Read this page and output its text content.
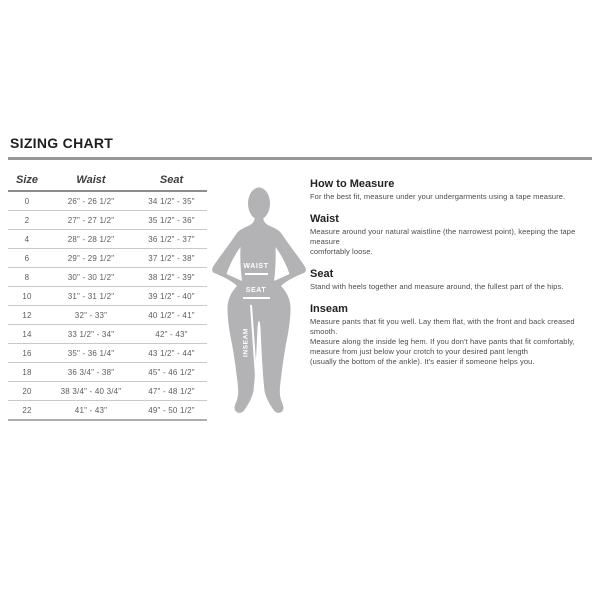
SIZING CHART
Size	Waist	Seat
0	26" - 26 1/2"	34 1/2" - 35"
2	27" - 27 1/2"	35 1/2" - 36"
4	28" - 28 1/2"	36 1/2" - 37"
6	29" - 29 1/2"	37 1/2" - 38"
8	30" - 30 1/2"	38 1/2" - 39"
10	31" - 31 1/2"	39 1/2" - 40"
12	32" - 33"	40 1/2" - 41"
14	33 1/2" - 34"	42" - 43"
16	35" - 36 1/4"	43 1/2" - 44"
18	36 3/4" - 38"	45" - 46 1/2"
20	38 3/4" - 40 3/4"	47" - 48 1/2"
22	41" - 43"	49" - 50 1/2"
WAIST
SEAT
INSEAM
How to Measure
For the best fit, measure under your undergarments using a tape measure.
Waist
Measure around your natural waistline (the narrowest point), keeping the tape measure
comfortably loose.
Seat
Stand with heels together and measure around, the fullest part of the hips.
Inseam
Measure pants that fit you well. Lay them flat, with the front and back creased smooth.
Measure along the inside leg hem. If you don't have pants that fit comfortably,
measure from just below your crotch to your desired pant length
(usually the bottom of the ankle). It's easier if someone helps you.
